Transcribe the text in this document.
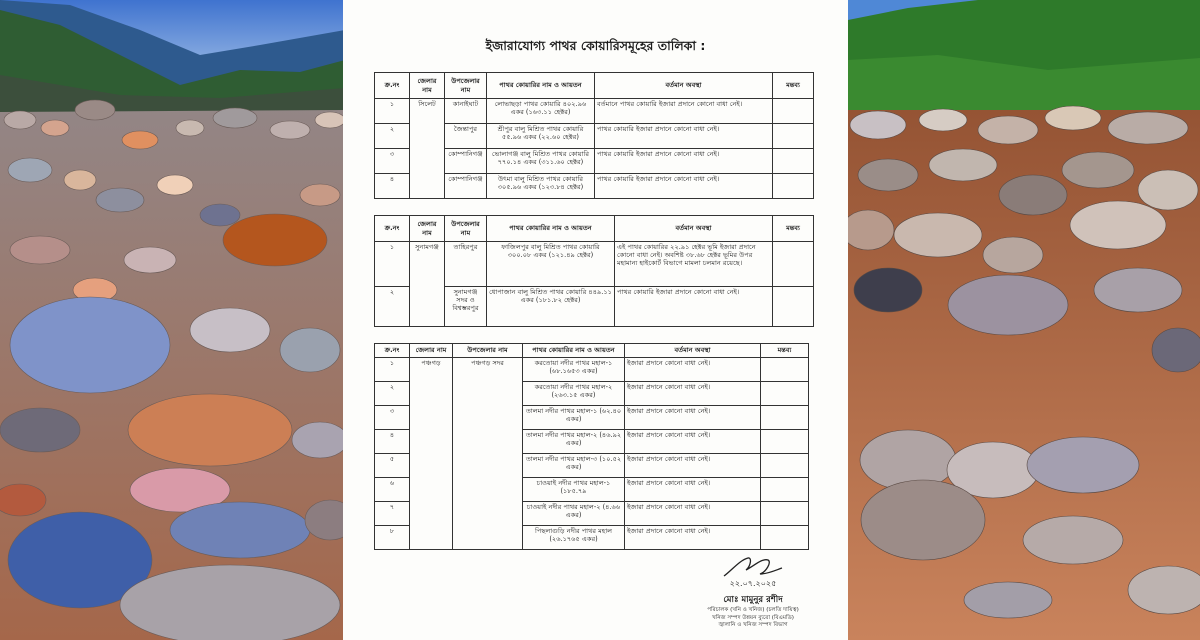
ইজারাযোগ্য পাথর কোয়ারিসমূহের তালিকা :
ক্র.নং	জেলার নাম	উপজেলার নাম	পাথর কোয়ারির নাম ও আয়তন	বর্তমান অবস্থা	মন্তব্য
১	সিলেট	কানাইঘাট	লোভাছড়া পাথর কোয়ারি ৪০২.৯৬ একর (১৬৩.১১ হেক্টর)	বর্তমানে পাথর কোয়ারি ইজারা প্রদানে কোনো বাধা নেই।	
২		জৈন্তাপুর	শ্রীপুর বালু মিশ্রিত পাথর কোয়ারি ৫৫.৯৬ একর (২২.৬০ হেক্টর)	পাথর কোয়ারি ইজারা প্রদানে কোনো বাধা নেই।	
৩		কোম্পানিগঞ্জ	ভোলাগঞ্জ বালু মিশ্রিত পাথর কোয়ারি ৭৭০.১৪ একর (৩১১.৬০ হেক্টর)	পাথর কোয়ারি ইজারা প্রদানে কোনো বাধা নেই।	
৪		কোম্পানিগঞ্জ	উৎমা বালু মিশ্রিত পাথর কোয়ারি ৩০৫.৯৬ একর (১২৩.৮৪ হেক্টর)	পাথর কোয়ারি ইজারা প্রদানে কোনো বাধা নেই।	
ক্র.নং	জেলার নাম	উপজেলার নাম	পাথর কোয়ারির নাম ও আয়তন	বর্তমান অবস্থা	মন্তব্য
১	সুনামগঞ্জ	তাহিরপুর	ফাজিলপুর বালু মিশ্রিত পাথর কোয়ারি ৩০০.০৮ একর (১২১.৪৯ হেক্টর)	এই পাথর কোয়ারির ২২.৯১ হেক্টর ভূমি ইজারা প্রদানে কোনো বাধা নেই। অবশিষ্ট ৩৮.৬৮ হেক্টর ভূমির উপর মহামান্য হাইকোর্ট বিভাগে মামলা চলমান রয়েছে।	
২		সুনামগঞ্জ সদর ও বিশ্বম্ভরপুর	ধোপাজান বালু মিশ্রিত পাথর কোয়ারি ৪৪৯.১১ একর (১৮১.৮২ হেক্টর)	পাথর কোয়ারি ইজারা প্রদানে কোনো বাধা নেই।	
ক্র.নং	জেলার নাম	উপজেলার নাম	পাথর কোয়ারির নাম ও আয়তন	বর্তমান অবস্থা	মন্তব্য
১	পঞ্চগড়	পঞ্চগড় সদর	করতোয়া নদীর পাথর মহাল-১ (৬৮.১৬৫৩ একর)	ইজারা প্রদানে কোনো বাধা নেই।	
২			করতোয়া নদীর পাথর মহাল-২ (২৬৩.১৫ একর)	ইজারা প্রদানে কোনো বাধা নেই।	
৩			তালমা নদীর পাথর মহাল-১ (৬২.৪০ একর)	ইজারা প্রদানে কোনো বাধা নেই।	
৪			তালমা নদীর পাথর মহাল-২ (৪৬.৯২ একর)	ইজারা প্রদানে কোনো বাধা নেই।	
৫			তালমা নদীর পাথর মহাল-৩ (১০.৫২ একর)	ইজারা প্রদানে কোনো বাধা নেই।	
৬			চাওয়াই নদীর পাথর মহাল-১ (১৮৫.৭৯	ইজারা প্রদানে কোনো বাধা নেই।	
৭			চাওয়াই নদীর পাথর মহাল-২ (৪.৬৬ একর)	ইজারা প্রদানে কোনো বাধা নেই।	
৮			পিছলাগুড়ি নদীর পাথর মহাল (২৬.১৭৬৫ একর)	ইজারা প্রদানে কোনো বাধা নেই।	
২২.০৭.২০২৫
মোঃ মামুনুর রশীদ
পরিচালক (খনি ও খনিজ) (চলতি দায়িত্ব)
খনিজ সম্পদ উন্নয়ন ব্যুরো (বিএমডি)
জ্বালানি ও খনিজ সম্পদ বিভাগ
